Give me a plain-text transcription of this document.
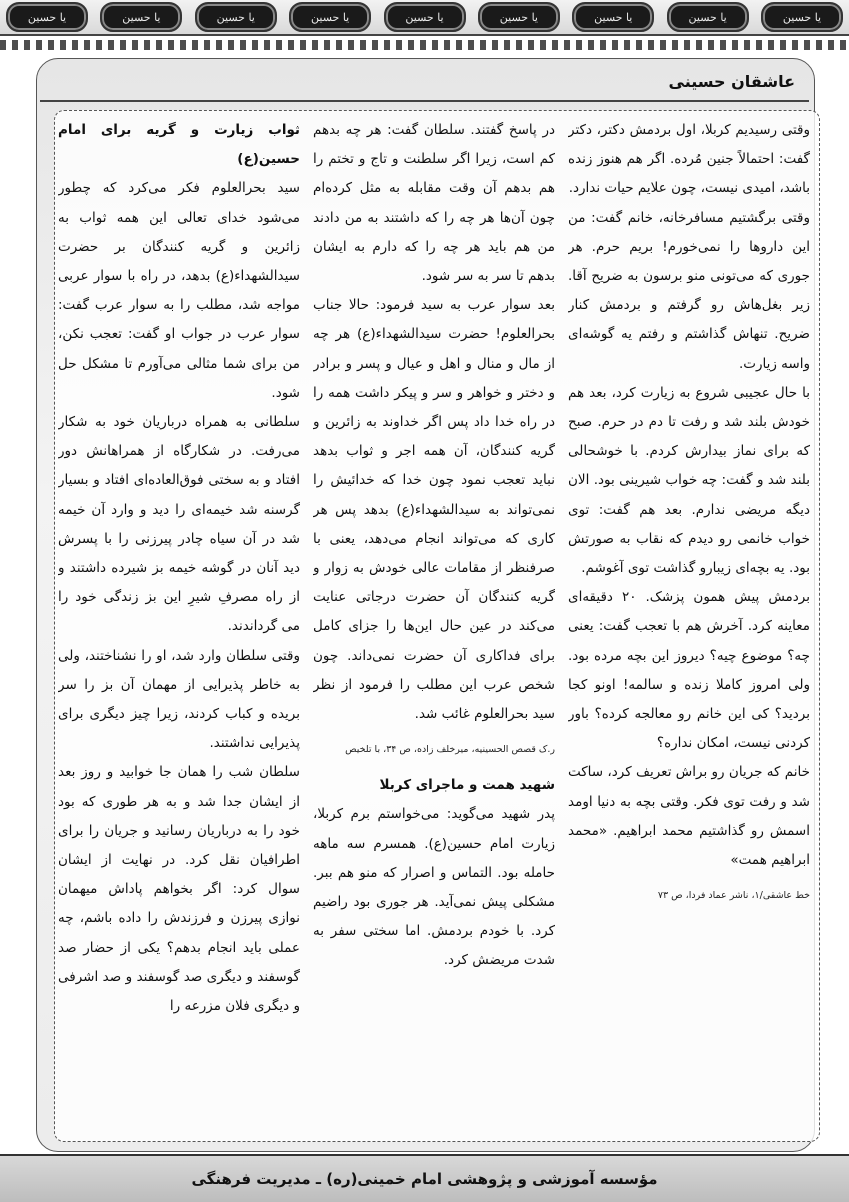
یا حسین	یا حسین	یا حسین	یا حسین	یا حسین	یا حسین	یا حسین	یا حسین	یا حسین
عاشقان حسینی

ثواب زیارت و گریه برای امام حسین(ع)

سید بحرالعلوم فکر می‌کرد که چطور می‌شود خدای تعالی این همه ثواب به زائرین و گریه کنندگان بر حضرت سیدالشهداء(ع) بدهد، در راه با سوار عربی مواجه شد، مطلب را به سوار عرب گفت: سوار عرب در جواب او گفت: تعجب نکن، من برای شما مثالی می‌آورم تا مشکل حل شود.

سلطانی به همراه درباریان خود به شکار می‌رفت. در شکارگاه از همراهانش دور افتاد و به سختی فوق‌العاده‌ای افتاد و بسیار گرسنه شد خیمه‌ای را دید و وارد آن خیمه شد در آن سیاه چادر پیرزنی را با پسرش دید آنان در گوشه خیمه بز شیرده داشتند و از راه مصرفِ شیرِ این بز زندگی خود را می گرداندند.

وقتی سلطان وارد شد، او را نشناختند، ولی به خاطر پذیرایی از مهمان آن بز را سر بریده و کباب کردند، زیرا چیز دیگری برای پذیرایی نداشتند.

سلطان شب را همان جا خوابید و روز بعد از ایشان جدا شد و به هر طوری که بود خود را به درباریان رسانید و جریان را برای اطرافیان نقل کرد. در نهایت از ایشان سوال کرد: اگر بخواهم پاداش میهمان نوازی پیرزن و فرزندش را داده باشم، چه عملی باید انجام بدهم؟ یکی از حضار صد گوسفند و دیگری صد گوسفند و صد اشرفی و دیگری فلان مزرعه را

در پاسخ گفتند. سلطان گفت: هر چه بدهم کم است، زیرا اگر سلطنت و تاج و تختم را هم بدهم آن وقت مقابله به مثل کرده‌ام چون آن‌ها هر چه را که داشتند به من دادند من هم باید هر چه را که دارم به ایشان بدهم تا سر به سر شود.

بعد سوار عرب به سید فرمود: حالا جناب بحرالعلوم! حضرت سیدالشهداء(ع) هر چه از مال و منال و اهل و عیال و پسر و برادر و دختر و خواهر و سر و پیکر داشت همه را در راه خدا داد پس اگر خداوند به زائرین و گریه کنندگان، آن همه اجر و ثواب بدهد نباید تعجب نمود چون خدا که خدائیش را نمی‌تواند به سیدالشهداء(ع) بدهد پس هر کاری که می‌تواند انجام می‌دهد، یعنی با صرفنظر از مقامات عالی خودش به زوار و گریه کنندگان آن حضرت درجاتی عنایت می‌کند در عین حال این‌ها را جزای کامل برای فداکاری آن حضرت نمی‌داند. چون شخص عرب این مطلب را فرمود از نظر سید بحرالعلوم غائب شد.

ر.ک قصص الحسینیه، میرخلف زاده، ص ۳۴، با تلخیص

شهید همت و ماجرای کربلا

پدر شهید می‌گوید: می‌خواستم برم کربلا، زیارت امام حسین(ع). همسرم سه ماهه حامله بود. التماس و اصرار که منو هم ببر. مشکلی پیش نمی‌آید. هر جوری بود راضیم کرد. با خودم بردمش. اما سختی سفر به شدت مریضش کرد.

وقتی رسیدیم کربلا، اول بردمش دکتر، دکتر گفت: احتمالاً جنین مُرده. اگر هم هنوز زنده باشد، امیدی نیست، چون علایم حیات ندارد.

وقتی برگشتیم مسافرخانه، خانم گفت: من این داروها را نمی‌خورم! بریم حرم. هر جوری که می‌تونی منو برسون به ضریح آقا. زیر بغل‌هاش رو گرفتم و بردمش کنار ضریح. تنهاش گذاشتم و رفتم یه گوشه‌ای واسه زیارت.

با حال عجیبی شروع به زیارت کرد، بعد هم خودش بلند شد و رفت تا دم در حرم. صبح که برای نماز بیدارش کردم. با خوشحالی بلند شد و گفت: چه خواب شیرینی بود. الان دیگه مریضی ندارم. بعد هم گفت: توی خواب خانمی رو دیدم که نقاب به صورتش بود. یه بچه‌ای زیبارو گذاشت توی آغوشم.

بردمش پیش همون پزشک. ۲۰ دقیقه‌ای معاینه کرد. آخرش هم با تعجب گفت: یعنی چه؟ موضوع چیه؟ دیروز این بچه مرده بود. ولی امروز کاملا زنده و سالمه! اونو کجا بردید؟ کی این خانم رو معالجه کرده؟ باور کردنی نیست، امکان نداره؟

خانم که جریان رو براش تعریف کرد، ساکت شد و رفت توی فکر. وقتی بچه به دنیا اومد اسمش رو گذاشتیم محمد ابراهیم. «محمد ابراهیم همت»

خط عاشقی/۱، ناشر عماد فردا، ص ۷۳

مؤسسه آموزشی و پژوهشی امام خمینی(ره) ـ مدیریت فرهنگی
